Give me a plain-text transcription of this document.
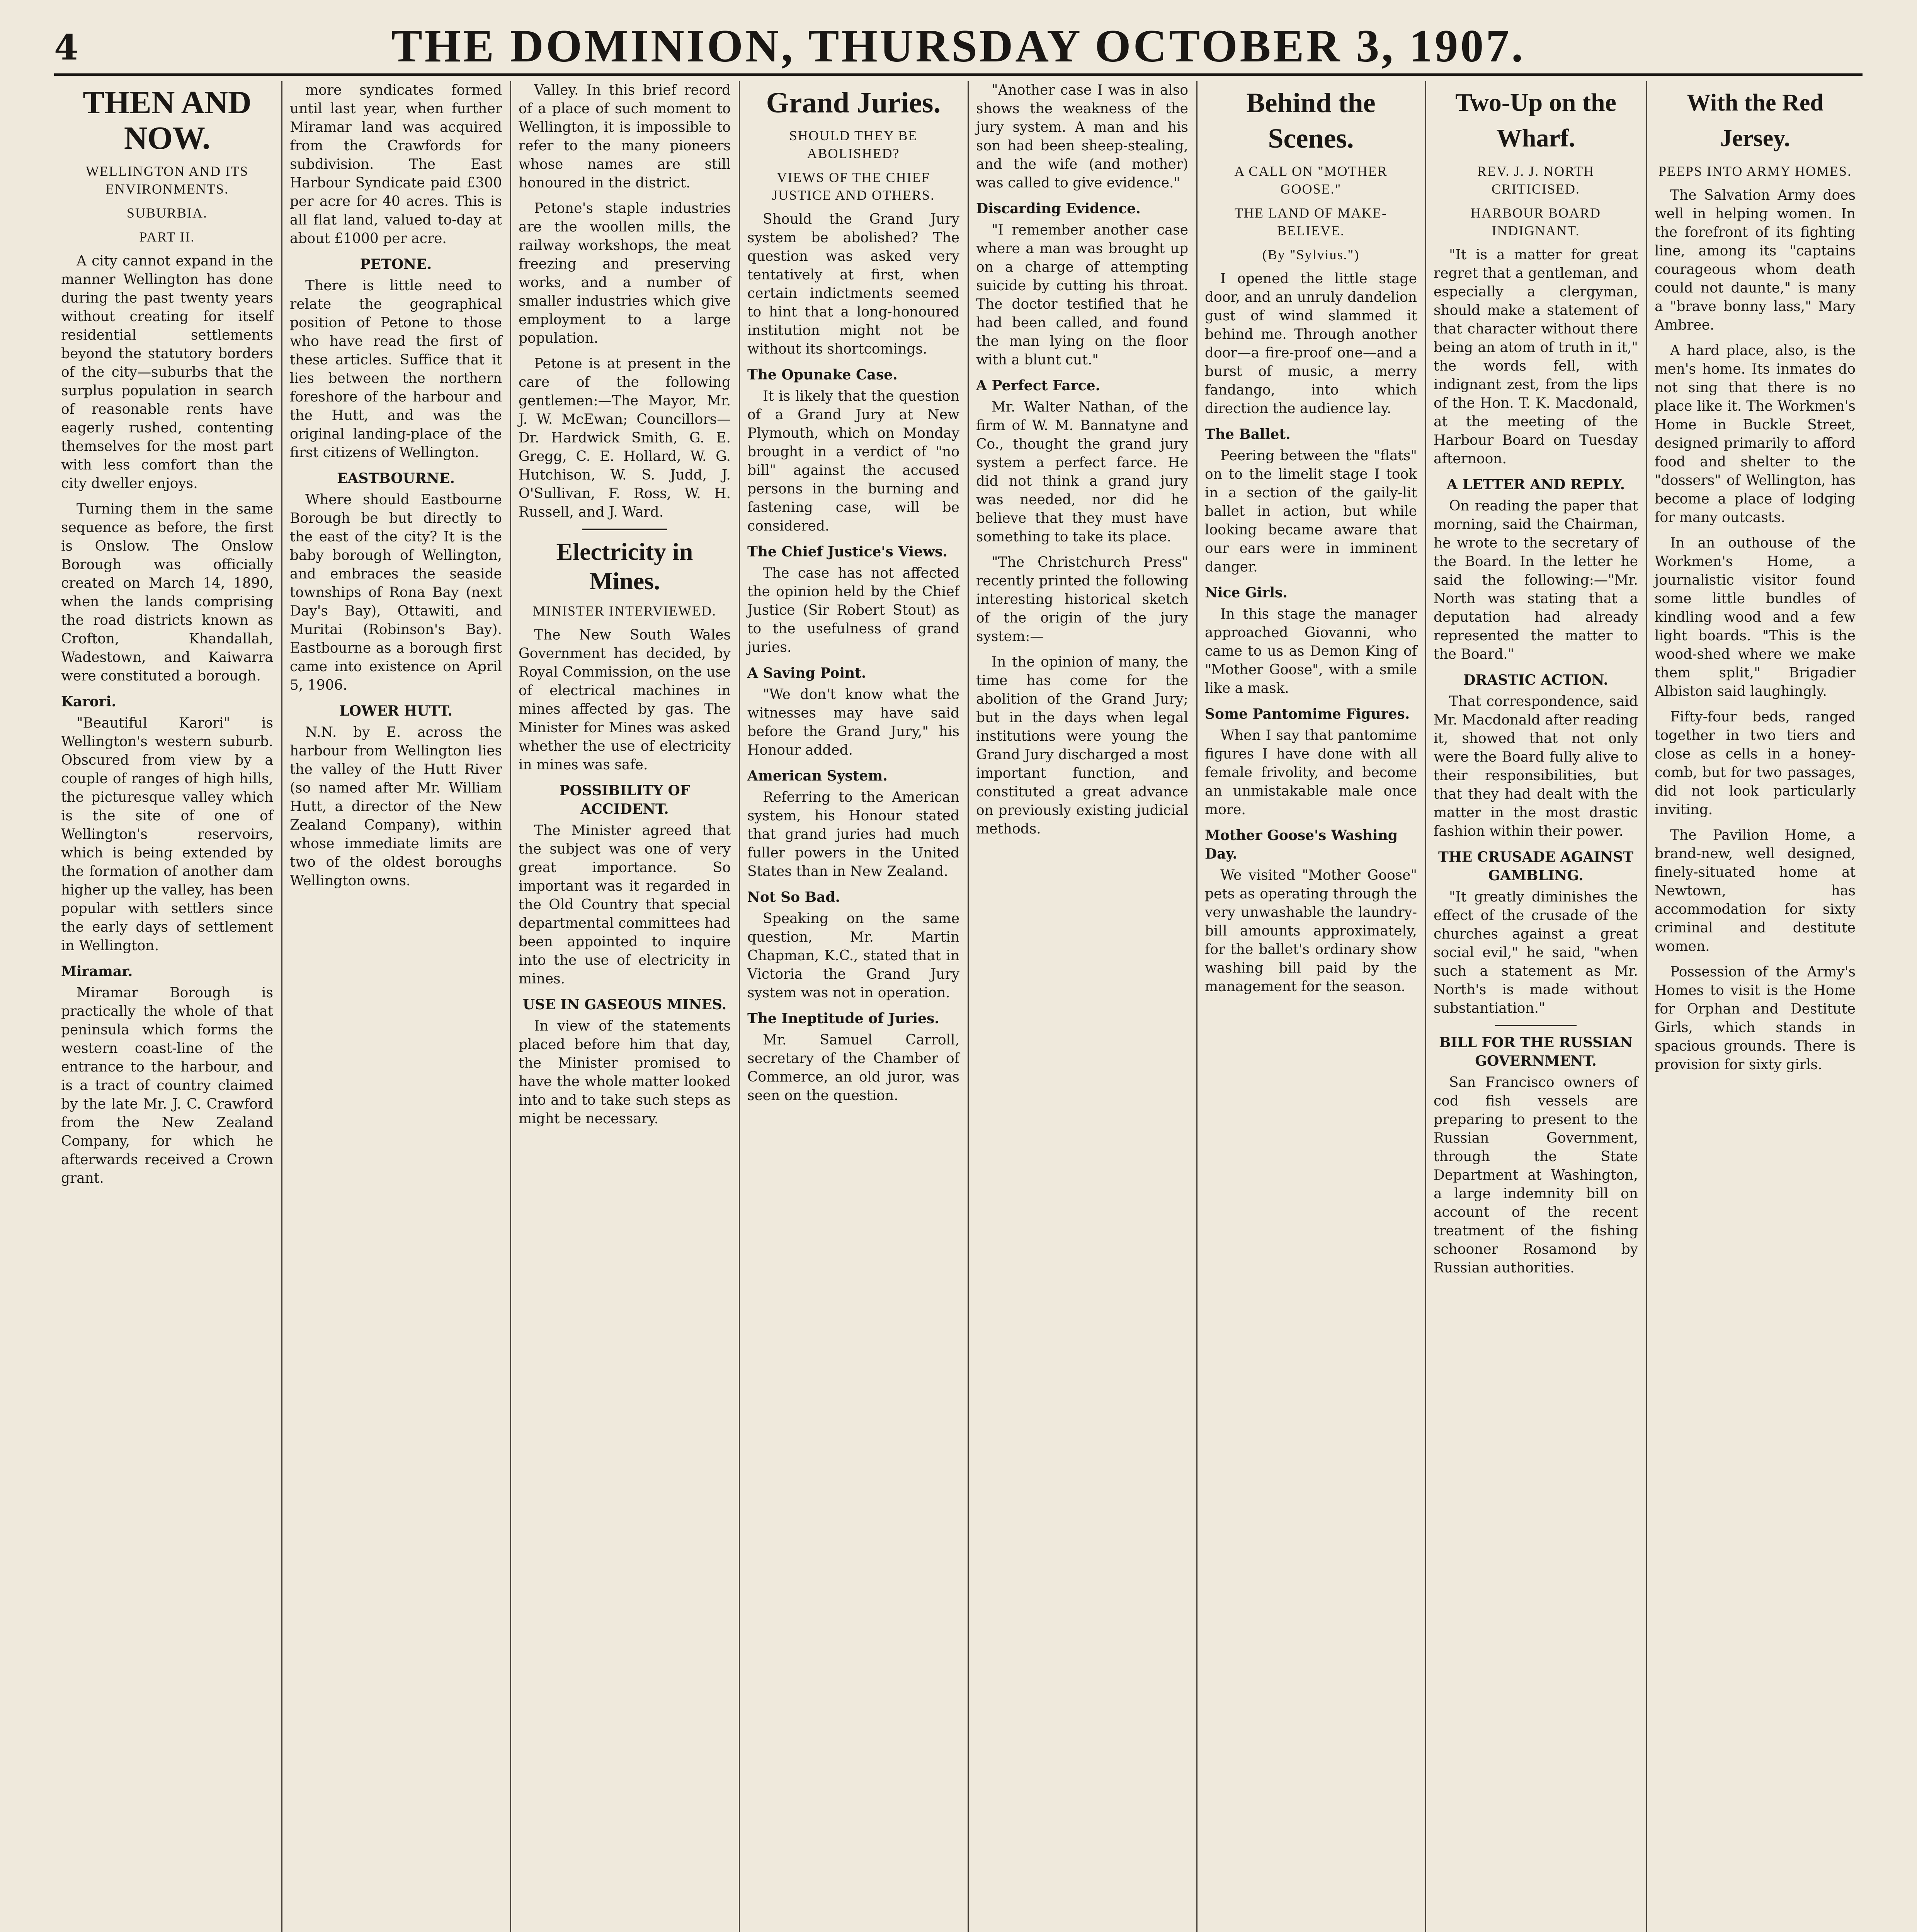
4	THE DOMINION, THURSDAY OCTOBER 3, 1907.
THEN AND NOW.
WELLINGTON AND ITS ENVIRONMENTS.
SUBURBIA.
PART II.
A city cannot expand in the manner Wellington has done during the past twenty years without creating for itself residential settlements beyond the statutory borders of the city—suburbs that the surplus population in search of reasonable rents have eagerly rushed, contenting themselves for the most part with less comfort than the city dweller enjoys.
Turning them in the same sequence as before, the first is Onslow. The Onslow Borough was officially created on March 14, 1890, when the lands comprising the road districts known as Crofton, Khandallah, Wadestown, and Kaiwarra were constituted a borough.
Karori.
"Beautiful Karori" is Wellington's western suburb. Obscured from view by a couple of ranges of high hills, the picturesque valley which is the site of one of Wellington's reservoirs, which is being extended by the formation of another dam higher up the valley, has been popular with settlers since the early days of settlement in Wellington.
Miramar.
Miramar Borough is practically the whole of that peninsula which forms the western coast-line of the entrance to the harbour, and is a tract of country claimed by the late Mr. J. C. Crawford from the New Zealand Company, for which he afterwards received a Crown grant.
more syndicates formed until last year, when further Miramar land was acquired from the Crawfords for subdivision. The East Harbour Syndicate paid £300 per acre for 40 acres. This is all flat land, valued to-day at about £1000 per acre.
PETONE.
There is little need to relate the geographical position of Petone to those who have read the first of these articles. Suffice that it lies between the northern foreshore of the harbour and the Hutt, and was the original landing-place of the first citizens of Wellington.
EASTBOURNE.
Where should Eastbourne Borough be but directly to the east of the city? It is the baby borough of Wellington, and embraces the seaside townships of Rona Bay (next Day's Bay), Ottawiti, and Muritai (Robinson's Bay). Eastbourne as a borough first came into existence on April 5, 1906.
LOWER HUTT.
N.N. by E. across the harbour from Wellington lies the valley of the Hutt River (so named after Mr. William Hutt, a director of the New Zealand Company), within whose immediate limits are two of the oldest boroughs Wellington owns.
Valley. In this brief record of a place of such moment to Wellington, it is impossible to refer to the many pioneers whose names are still honoured in the district.
Petone's staple industries are the woollen mills, the railway workshops, the meat freezing and preserving works, and a number of smaller industries which give employment to a large population.
Petone is at present in the care of the following gentlemen:—The Mayor, Mr. J. W. McEwan; Councillors—Dr. Hardwick Smith, G. E. Gregg, C. E. Hollard, W. G. Hutchison, W. S. Judd, J. O'Sullivan, F. Ross, W. H. Russell, and J. Ward.
Electricity in Mines.
MINISTER INTERVIEWED.
The New South Wales Government has decided, by Royal Commission, on the use of electrical machines in mines affected by gas. The Minister for Mines was asked whether the use of electricity in mines was safe.
POSSIBILITY OF ACCIDENT.
The Minister agreed that the subject was one of very great importance. So important was it regarded in the Old Country that special departmental committees had been appointed to inquire into the use of electricity in mines.
USE IN GASEOUS MINES.
In view of the statements placed before him that day, the Minister promised to have the whole matter looked into and to take such steps as might be necessary.
Grand Juries.
SHOULD THEY BE ABOLISHED?
VIEWS OF THE CHIEF JUSTICE AND OTHERS.
Should the Grand Jury system be abolished? The question was asked very tentatively at first, when certain indictments seemed to hint that a long-honoured institution might not be without its shortcomings.
The Opunake Case.
It is likely that the question of a Grand Jury at New Plymouth, which on Monday brought in a verdict of "no bill" against the accused persons in the burning and fastening case, will be considered.
The Chief Justice's Views.
The case has not affected the opinion held by the Chief Justice (Sir Robert Stout) as to the usefulness of grand juries.
A Saving Point.
"We don't know what the witnesses may have said before the Grand Jury," his Honour added.
American System.
Referring to the American system, his Honour stated that grand juries had much fuller powers in the United States than in New Zealand.
Not So Bad.
Speaking on the same question, Mr. Martin Chapman, K.C., stated that in Victoria the Grand Jury system was not in operation.
The Ineptitude of Juries.
Mr. Samuel Carroll, secretary of the Chamber of Commerce, an old juror, was seen on the question.
"Another case I was in also shows the weakness of the jury system. A man and his son had been sheep-stealing, and the wife (and mother) was called to give evidence."
Discarding Evidence.
"I remember another case where a man was brought up on a charge of attempting suicide by cutting his throat. The doctor testified that he had been called, and found the man lying on the floor with a blunt cut."
A Perfect Farce.
Mr. Walter Nathan, of the firm of W. M. Bannatyne and Co., thought the grand jury system a perfect farce. He did not think a grand jury was needed, nor did he believe that they must have something to take its place.
"The Christchurch Press" recently printed the following interesting historical sketch of the origin of the jury system:—
In the opinion of many, the time has come for the abolition of the Grand Jury; but in the days when legal institutions were young the Grand Jury discharged a most important function, and constituted a great advance on previously existing judicial methods.
Behind the Scenes.
A CALL ON "MOTHER GOOSE."
THE LAND OF MAKE-BELIEVE.
(By "Sylvius.")
I opened the little stage door, and an unruly dandelion gust of wind slammed it behind me. Through another door—a fire-proof one—and a burst of music, a merry fandango, into which direction the audience lay.
The Ballet.
Peering between the "flats" on to the limelit stage I took in a section of the gaily-lit ballet in action, but while looking became aware that our ears were in imminent danger.
Nice Girls.
In this stage the manager approached Giovanni, who came to us as Demon King of "Mother Goose", with a smile like a mask.
Some Pantomime Figures.
When I say that pantomime figures I have done with all female frivolity, and become an unmistakable male once more.
Mother Goose's Washing Day.
We visited "Mother Goose" pets as operating through the very unwashable the laundry-bill amounts approximately, for the ballet's ordinary show washing bill paid by the management for the season.
Two-Up on the Wharf.
REV. J. J. NORTH CRITICISED.
HARBOUR BOARD INDIGNANT.
"It is a matter for great regret that a gentleman, and especially a clergyman, should make a statement of that character without there being an atom of truth in it," the words fell, with indignant zest, from the lips of the Hon. T. K. Macdonald, at the meeting of the Harbour Board on Tuesday afternoon.
A LETTER AND REPLY.
On reading the paper that morning, said the Chairman, he wrote to the secretary of the Board. In the letter he said the following:—"Mr. North was stating that a deputation had already represented the matter to the Board."
DRASTIC ACTION.
That correspondence, said Mr. Macdonald after reading it, showed that not only were the Board fully alive to their responsibilities, but that they had dealt with the matter in the most drastic fashion within their power.
THE CRUSADE AGAINST GAMBLING.
"It greatly diminishes the effect of the crusade of the churches against a great social evil," he said, "when such a statement as Mr. North's is made without substantiation."
BILL FOR THE RUSSIAN GOVERNMENT.
San Francisco owners of cod fish vessels are preparing to present to the Russian Government, through the State Department at Washington, a large indemnity bill on account of the recent treatment of the fishing schooner Rosamond by Russian authorities.
With the Red Jersey.
PEEPS INTO ARMY HOMES.
The Salvation Army does well in helping women. In the forefront of its fighting line, among its "captains courageous whom death could not daunte," is many a "brave bonny lass," Mary Ambree.
A hard place, also, is the men's home. Its inmates do not sing that there is no place like it. The Workmen's Home in Buckle Street, designed primarily to afford food and shelter to the "dossers" of Wellington, has become a place of lodging for many outcasts.
In an outhouse of the Workmen's Home, a journalistic visitor found some little bundles of kindling wood and a few light boards. "This is the wood-shed where we make them split," Brigadier Albiston said laughingly.
Fifty-four beds, ranged together in two tiers and close as cells in a honey-comb, but for two passages, did not look particularly inviting.
The Pavilion Home, a brand-new, well designed, finely-situated home at Newtown, has accommodation for sixty criminal and destitute women.
Possession of the Army's Homes to visit is the Home for Orphan and Destitute Girls, which stands in spacious grounds. There is provision for sixty girls.
